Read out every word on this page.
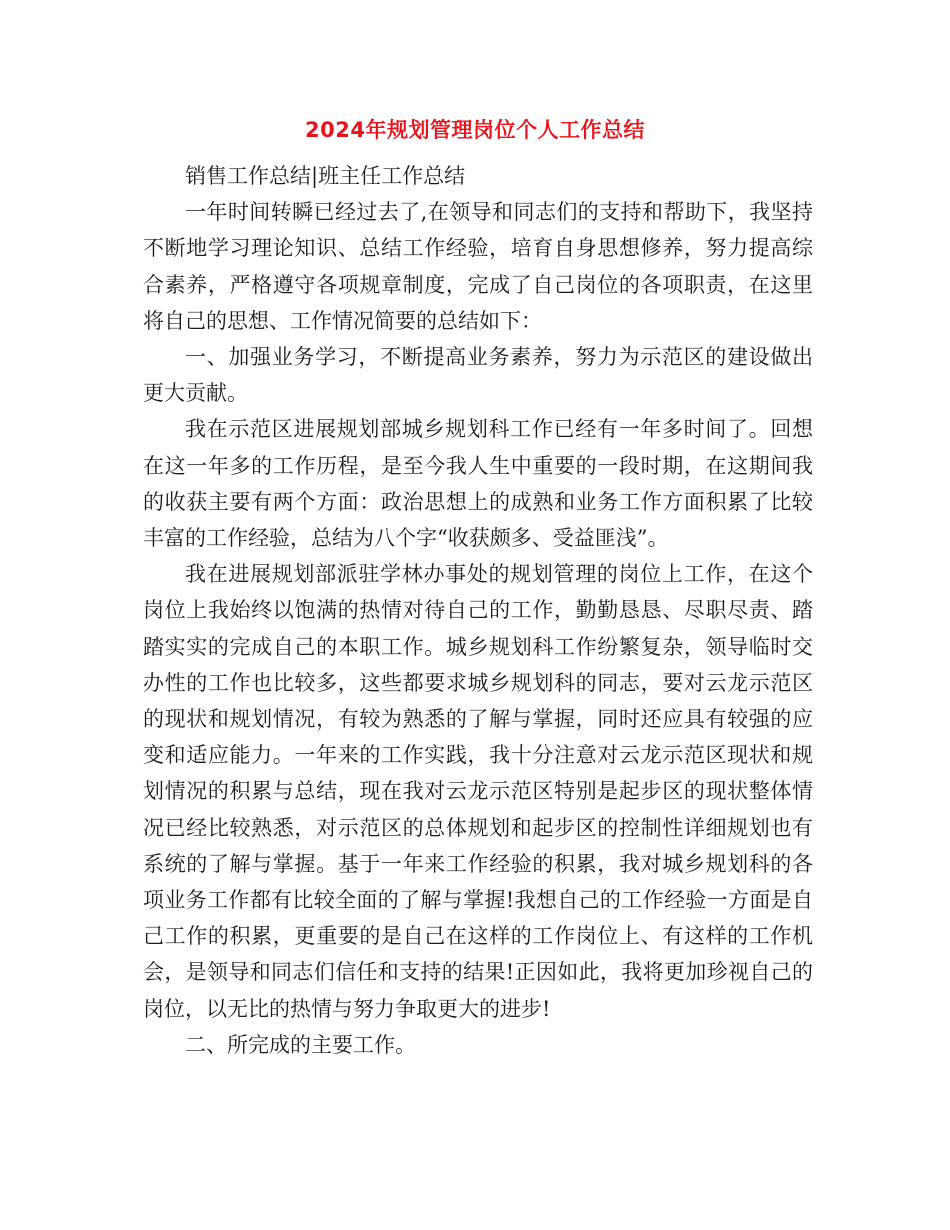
2024年规划管理岗位个人工作总结

销售工作总结|班主任工作总结

一年时间转瞬已经过去了,在领导和同志们的支持和帮助下，我坚持不断地学习理论知识、总结工作经验，培育自身思想修养，努力提高综合素养，严格遵守各项规章制度，完成了自己岗位的各项职责，在这里将自己的思想、工作情况简要的总结如下：

一、加强业务学习，不断提高业务素养，努力为示范区的建设做出更大贡献。

我在示范区进展规划部城乡规划科工作已经有一年多时间了。回想在这一年多的工作历程，是至今我人生中重要的一段时期，在这期间我的收获主要有两个方面：政治思想上的成熟和业务工作方面积累了比较丰富的工作经验，总结为八个字“收获颇多、受益匪浅”。

我在进展规划部派驻学林办事处的规划管理的岗位上工作，在这个岗位上我始终以饱满的热情对待自己的工作，勤勤恳恳、尽职尽责、踏踏实实的完成自己的本职工作。城乡规划科工作纷繁复杂，领导临时交办性的工作也比较多，这些都要求城乡规划科的同志，要对云龙示范区的现状和规划情况，有较为熟悉的了解与掌握，同时还应具有较强的应变和适应能力。一年来的工作实践，我十分注意对云龙示范区现状和规划情况的积累与总结，现在我对云龙示范区特别是起步区的现状整体情况已经比较熟悉，对示范区的总体规划和起步区的控制性详细规划也有系统的了解与掌握。基于一年来工作经验的积累，我对城乡规划科的各项业务工作都有比较全面的了解与掌握!我想自己的工作经验一方面是自己工作的积累，更重要的是自己在这样的工作岗位上、有这样的工作机会，是领导和同志们信任和支持的结果!正因如此，我将更加珍视自己的岗位，以无比的热情与努力争取更大的进步!

二、所完成的主要工作。
